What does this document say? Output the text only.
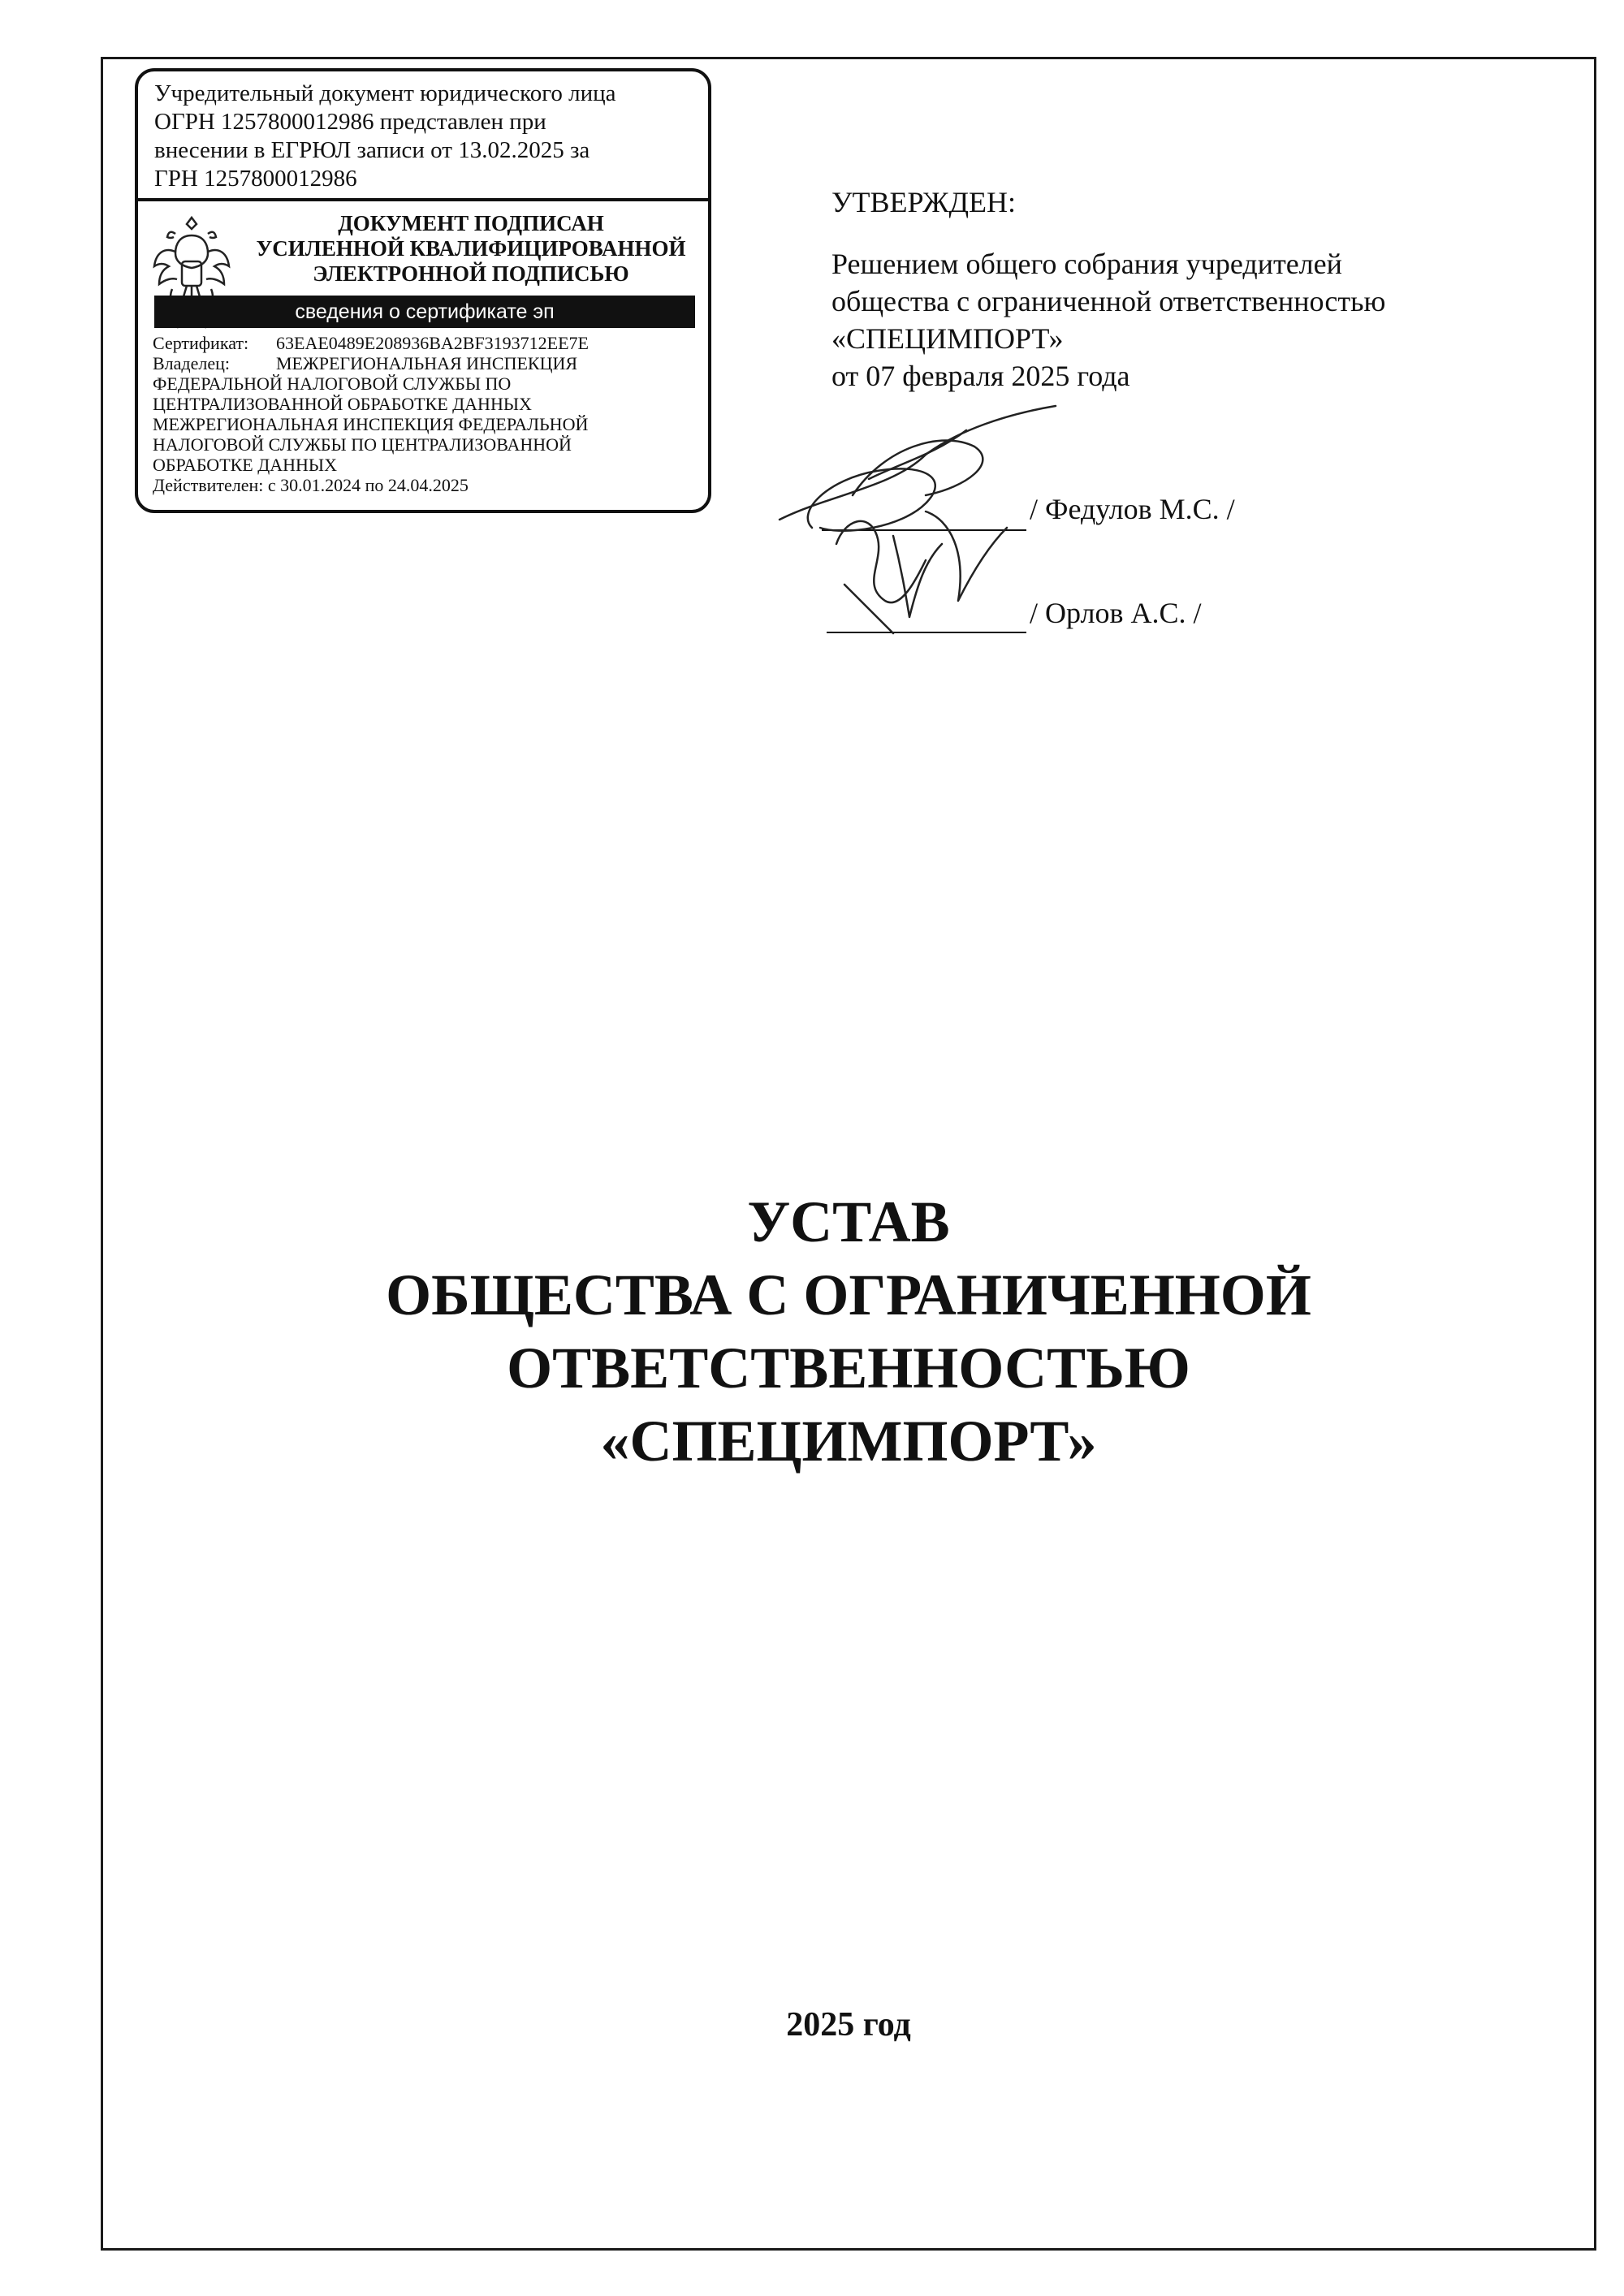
Учредительный документ юридического лица
ОГРН 1257800012986 представлен при
внесении в ЕГРЮЛ записи от 13.02.2025 за
ГРН 1257800012986
ДОКУМЕНТ ПОДПИСАН
УСИЛЕННОЙ КВАЛИФИЦИРОВАННОЙ
ЭЛЕКТРОННОЙ ПОДПИСЬЮ
сведения о сертификате эп
Сертификат:	63EAE0489E208936BA2BF3193712EE7E
Владелец:	МЕЖРЕГИОНАЛЬНАЯ ИНСПЕКЦИЯ
ФЕДЕРАЛЬНОЙ НАЛОГОВОЙ СЛУЖБЫ ПО
ЦЕНТРАЛИЗОВАННОЙ ОБРАБОТКЕ ДАННЫХ
МЕЖРЕГИОНАЛЬНАЯ ИНСПЕКЦИЯ ФЕДЕРАЛЬНОЙ
НАЛОГОВОЙ СЛУЖБЫ ПО ЦЕНТРАЛИЗОВАННОЙ
ОБРАБОТКЕ ДАННЫХ
Действителен:
с 30.01.2024 по 24.04.2025
УТВЕРЖДЕН:
Решением общего собрания учредителей
общества с ограниченной ответственностью
«СПЕЦИМПОРТ»
от 07 февраля 2025 года
/ Федулов М.С. /
/ Орлов А.С. /
УСТАВ
ОБЩЕСТВА С ОГРАНИЧЕННОЙ
ОТВЕТСТВЕННОСТЬЮ
«СПЕЦИМПОРТ»
2025 год
